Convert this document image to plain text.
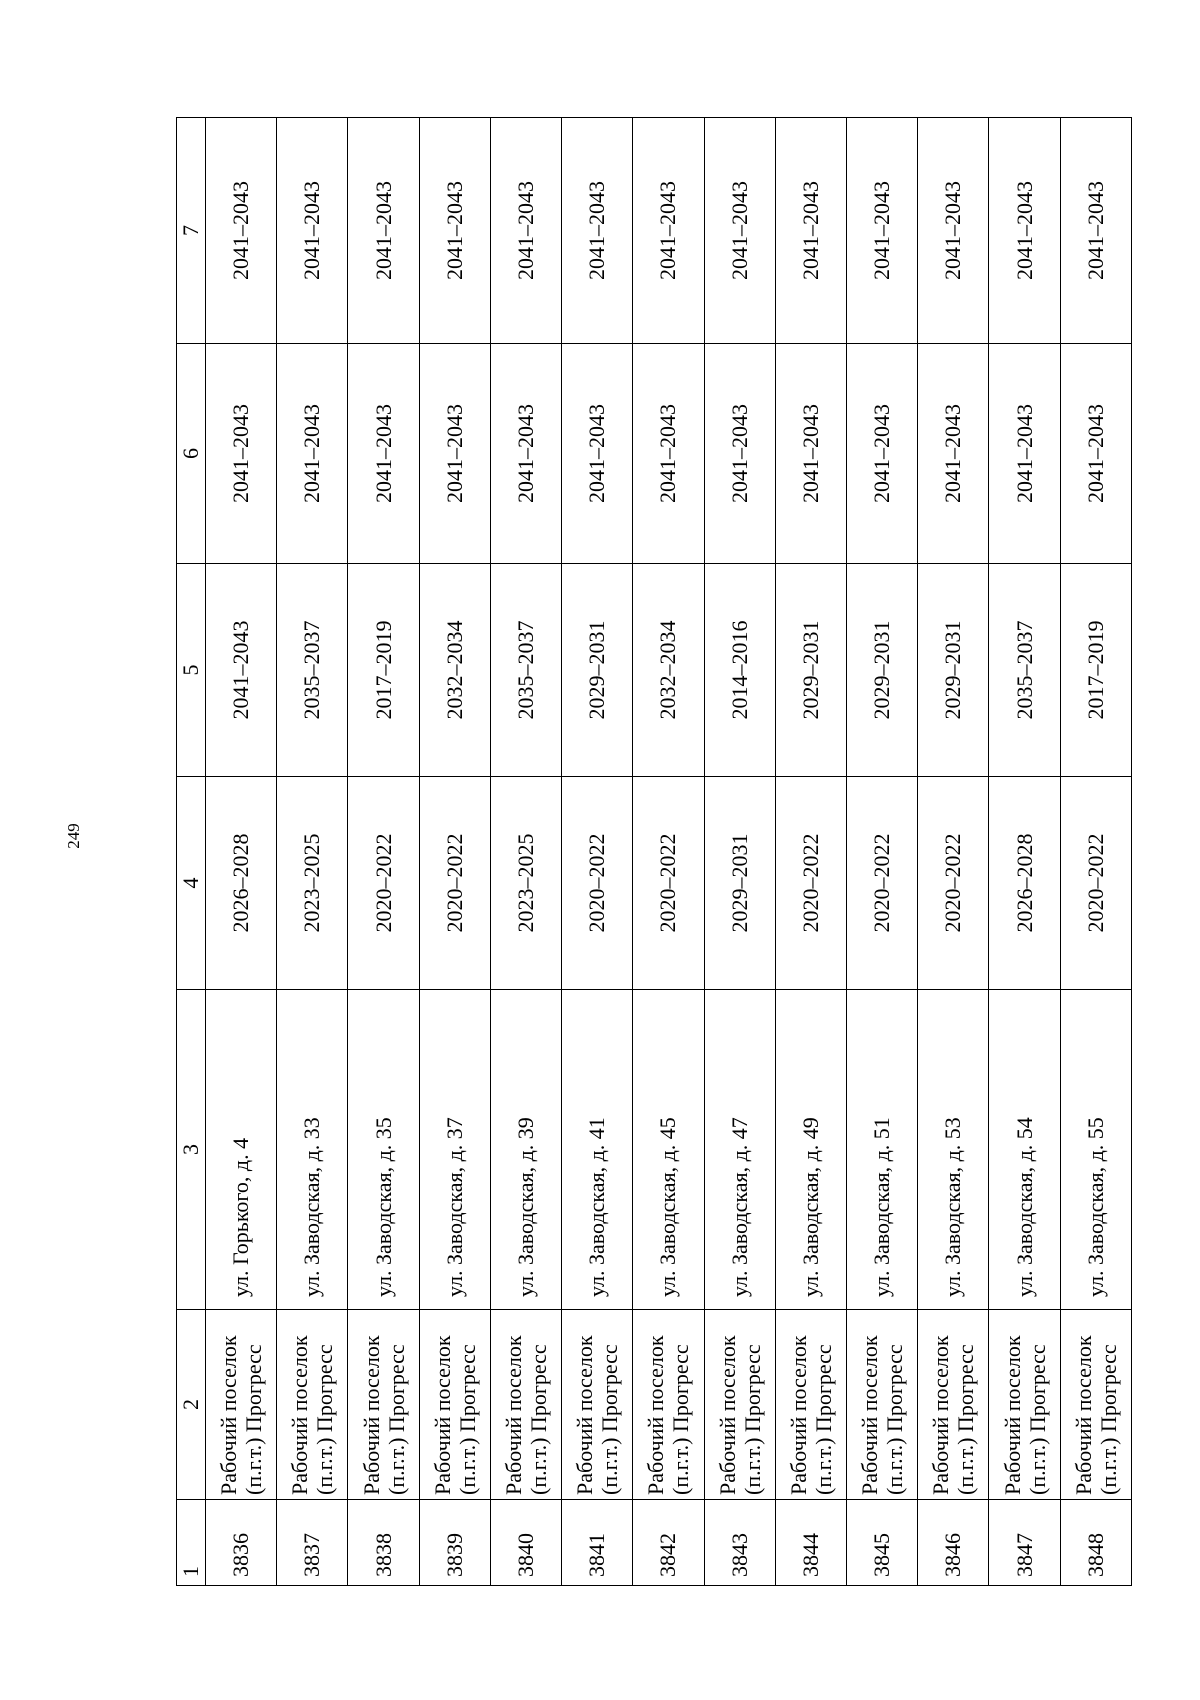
249
1	2	3	4	5	6	7
3836	Рабочий поселок (п.г.т.) Прогресс	ул. Горького, д. 4	2026–2028	2041–2043	2041–2043	2041–2043
3837	Рабочий поселок (п.г.т.) Прогресс	ул. Заводская, д. 33	2023–2025	2035–2037	2041–2043	2041–2043
3838	Рабочий поселок (п.г.т.) Прогресс	ул. Заводская, д. 35	2020–2022	2017–2019	2041–2043	2041–2043
3839	Рабочий поселок (п.г.т.) Прогресс	ул. Заводская, д. 37	2020–2022	2032–2034	2041–2043	2041–2043
3840	Рабочий поселок (п.г.т.) Прогресс	ул. Заводская, д. 39	2023–2025	2035–2037	2041–2043	2041–2043
3841	Рабочий поселок (п.г.т.) Прогресс	ул. Заводская, д. 41	2020–2022	2029–2031	2041–2043	2041–2043
3842	Рабочий поселок (п.г.т.) Прогресс	ул. Заводская, д. 45	2020–2022	2032–2034	2041–2043	2041–2043
3843	Рабочий поселок (п.г.т.) Прогресс	ул. Заводская, д. 47	2029–2031	2014–2016	2041–2043	2041–2043
3844	Рабочий поселок (п.г.т.) Прогресс	ул. Заводская, д. 49	2020–2022	2029–2031	2041–2043	2041–2043
3845	Рабочий поселок (п.г.т.) Прогресс	ул. Заводская, д. 51	2020–2022	2029–2031	2041–2043	2041–2043
3846	Рабочий поселок (п.г.т.) Прогресс	ул. Заводская, д. 53	2020–2022	2029–2031	2041–2043	2041–2043
3847	Рабочий поселок (п.г.т.) Прогресс	ул. Заводская, д. 54	2026–2028	2035–2037	2041–2043	2041–2043
3848	Рабочий поселок (п.г.т.) Прогресс	ул. Заводская, д. 55	2020–2022	2017–2019	2041–2043	2041–2043
